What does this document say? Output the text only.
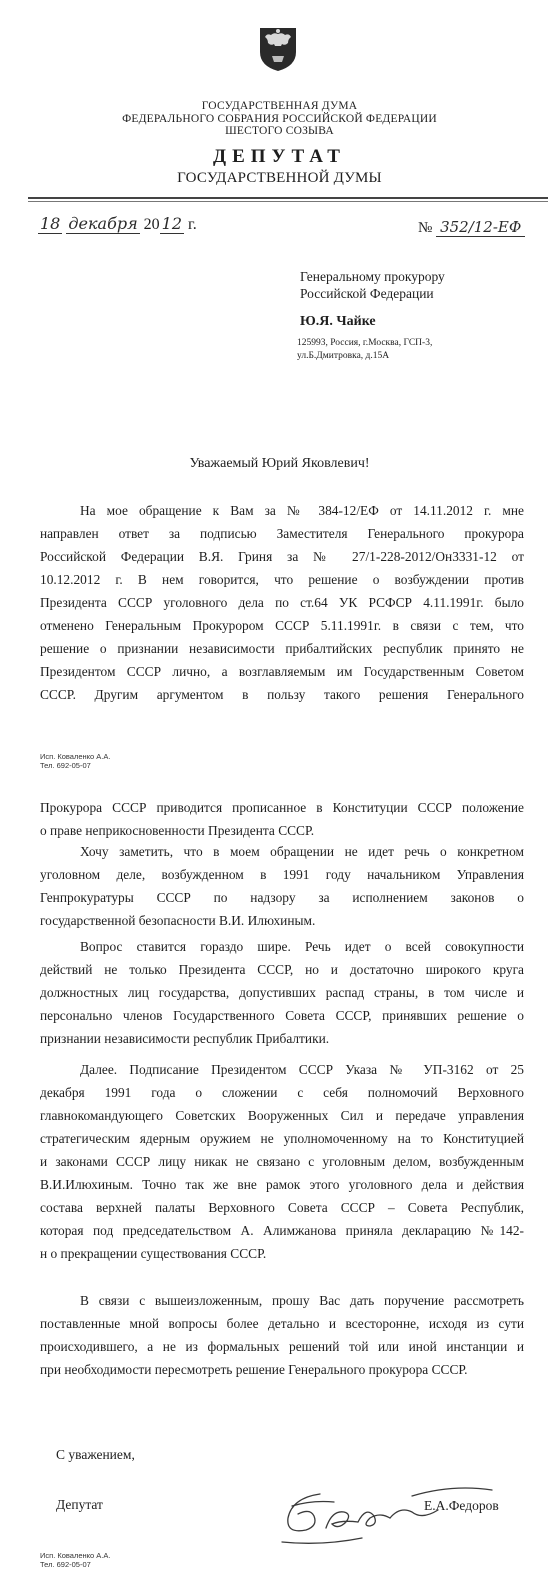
ГОСУДАРСТВЕННАЯ ДУМА
ФЕДЕРАЛЬНОГО СОБРАНИЯ РОССИЙСКОЙ ФЕДЕРАЦИИ
ШЕСТОГО СОЗЫВА
ДЕПУТАТ
ГОСУДАРСТВЕННОЙ ДУМЫ
18 декабря 20 12 г.	№ 352/12-ЕФ
Генеральному прокурору
Российской Федерации
Ю.Я. Чайке
125993, Россия, г.Москва, ГСП-3,
ул.Б.Дмитровка, д.15А
Уважаемый Юрий Яковлевич!

На мое обращение к Вам за № 384-12/ЕФ от 14.11.2012 г. мне

направлен ответ за подписью Заместителя Генерального прокурора

Российской Федерации В.Я. Гриня за № 27/1-228-2012/Он3331-12 от

10.12.2012 г. В нем говорится, что решение о возбуждении против

Президента СССР уголовного дела по ст.64 УК РСФСР 4.11.1991г. было

отменено Генеральным Прокурором СССР 5.11.1991г. в связи с тем, что

решение о признании независимости прибалтийских республик принято не

Президентом СССР лично, а возглавляемым им Государственным Советом

СССР. Другим аргументом в пользу такого решения Генерального

Исп. Коваленко А.А.
Тел. 692-05-07

Прокурора СССР приводится прописанное в Конституции СССР положение

о праве неприкосновенности Президента СССР.

Хочу заметить, что в моем обращении не идет речь о конкретном

уголовном деле, возбужденном в 1991 году начальником Управления

Генпрокуратуры СССР по надзору за исполнением законов о

государственной безопасности В.И. Илюхиным.

Вопрос ставится гораздо шире. Речь идет о всей совокупности

действий не только Президента СССР, но и достаточно широкого круга

должностных лиц государства, допустивших распад страны, в том числе и

персонально членов Государственного Совета СССР, принявших решение о

признании независимости республик Прибалтики.

Далее. Подписание Президентом СССР Указа № УП-3162 от 25

декабря 1991 года о сложении с себя полномочий Верховного

главнокомандующего Советских Вооруженных Сил и передаче управления

стратегическим ядерным оружием не уполномоченному на то Конституцией

и законами СССР лицу никак не связано с уголовным делом, возбужденным

В.И.Илюхиным. Точно так же вне рамок этого уголовного дела и действия

состава верхней палаты Верховного Совета СССР – Совета Республик,

которая под председательством А. Алимжанова приняла декларацию №142-

н о прекращении существования СССР.

В связи с вышеизложенным, прошу Вас дать поручение рассмотреть

поставленные мной вопросы более детально и всесторонне, исходя из сути

происходившего, а не из формальных решений той или иной инстанции и

при необходимости пересмотреть решение Генерального прокурора СССР.

С уважением,
Депутат	Е.А.Федоров
Исп. Коваленко А.А.
Тел. 692-05-07
